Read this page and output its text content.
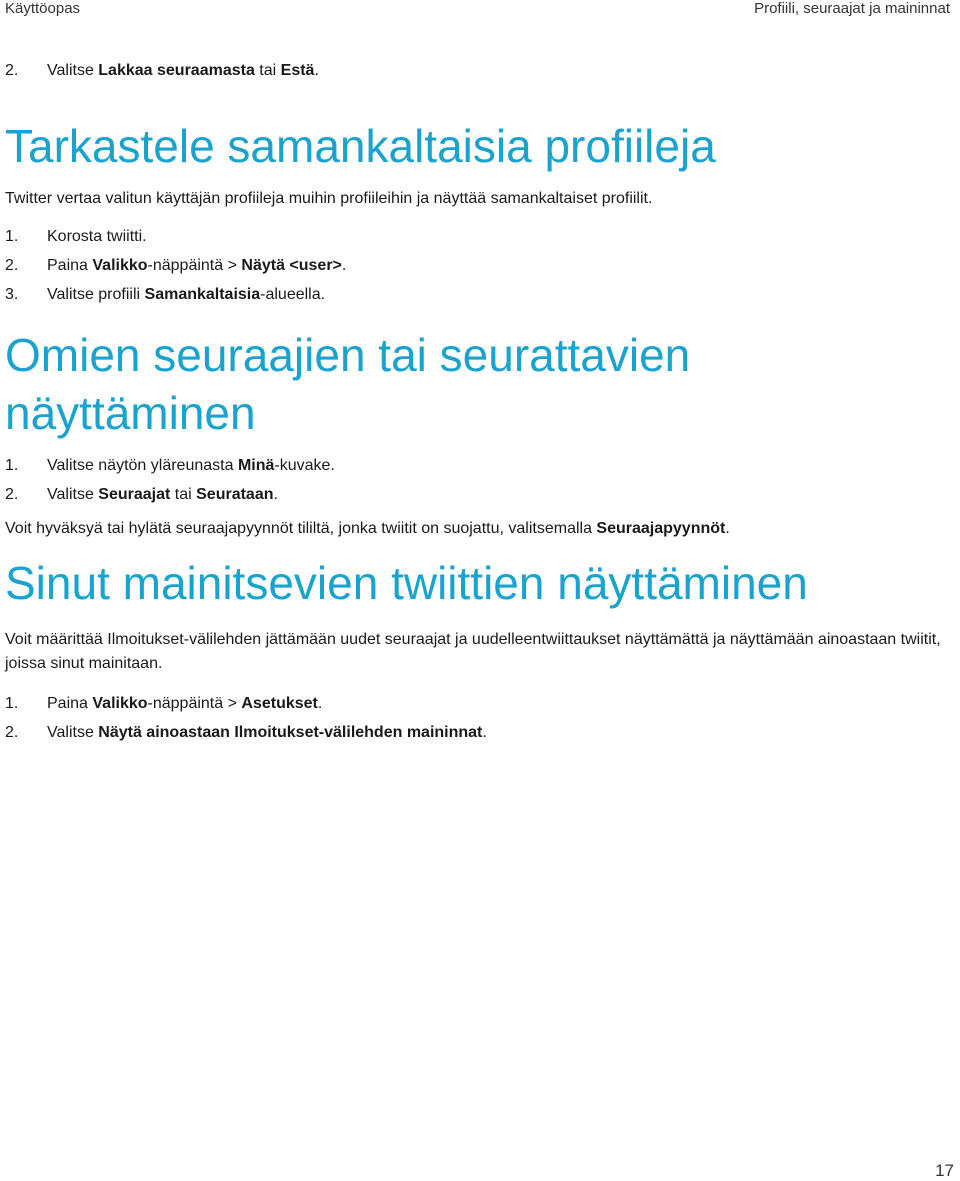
Käyttöopas	Profiili, seuraajat ja maininnat

2. Valitse Lakkaa seuraamasta tai Estä.

Tarkastele samankaltaisia profiileja

Twitter vertaa valitun käyttäjän profiileja muihin profiileihin ja näyttää samankaltaiset profiilit.

1. Korosta twiitti.

2. Paina Valikko-näppäintä > Näytä <user>.

3. Valitse profiili Samankaltaisia-alueella.

Omien seuraajien tai seurattavien
näyttäminen

1. Valitse näytön yläreunasta Minä-kuvake.

2. Valitse Seuraajat tai Seurataan.

Voit hyväksyä tai hylätä seuraajapyynnöt tililtä, jonka twiitit on suojattu, valitsemalla Seuraajapyynnöt.

Sinut mainitsevien twiittien näyttäminen

Voit määrittää Ilmoitukset-välilehden jättämään uudet seuraajat ja uudelleentwiittaukset näyttämättä ja näyttämään ainoastaan twiitit, joissa sinut mainitaan.

1. Paina Valikko-näppäintä > Asetukset.

2. Valitse Näytä ainoastaan Ilmoitukset-välilehden maininnat.

17
